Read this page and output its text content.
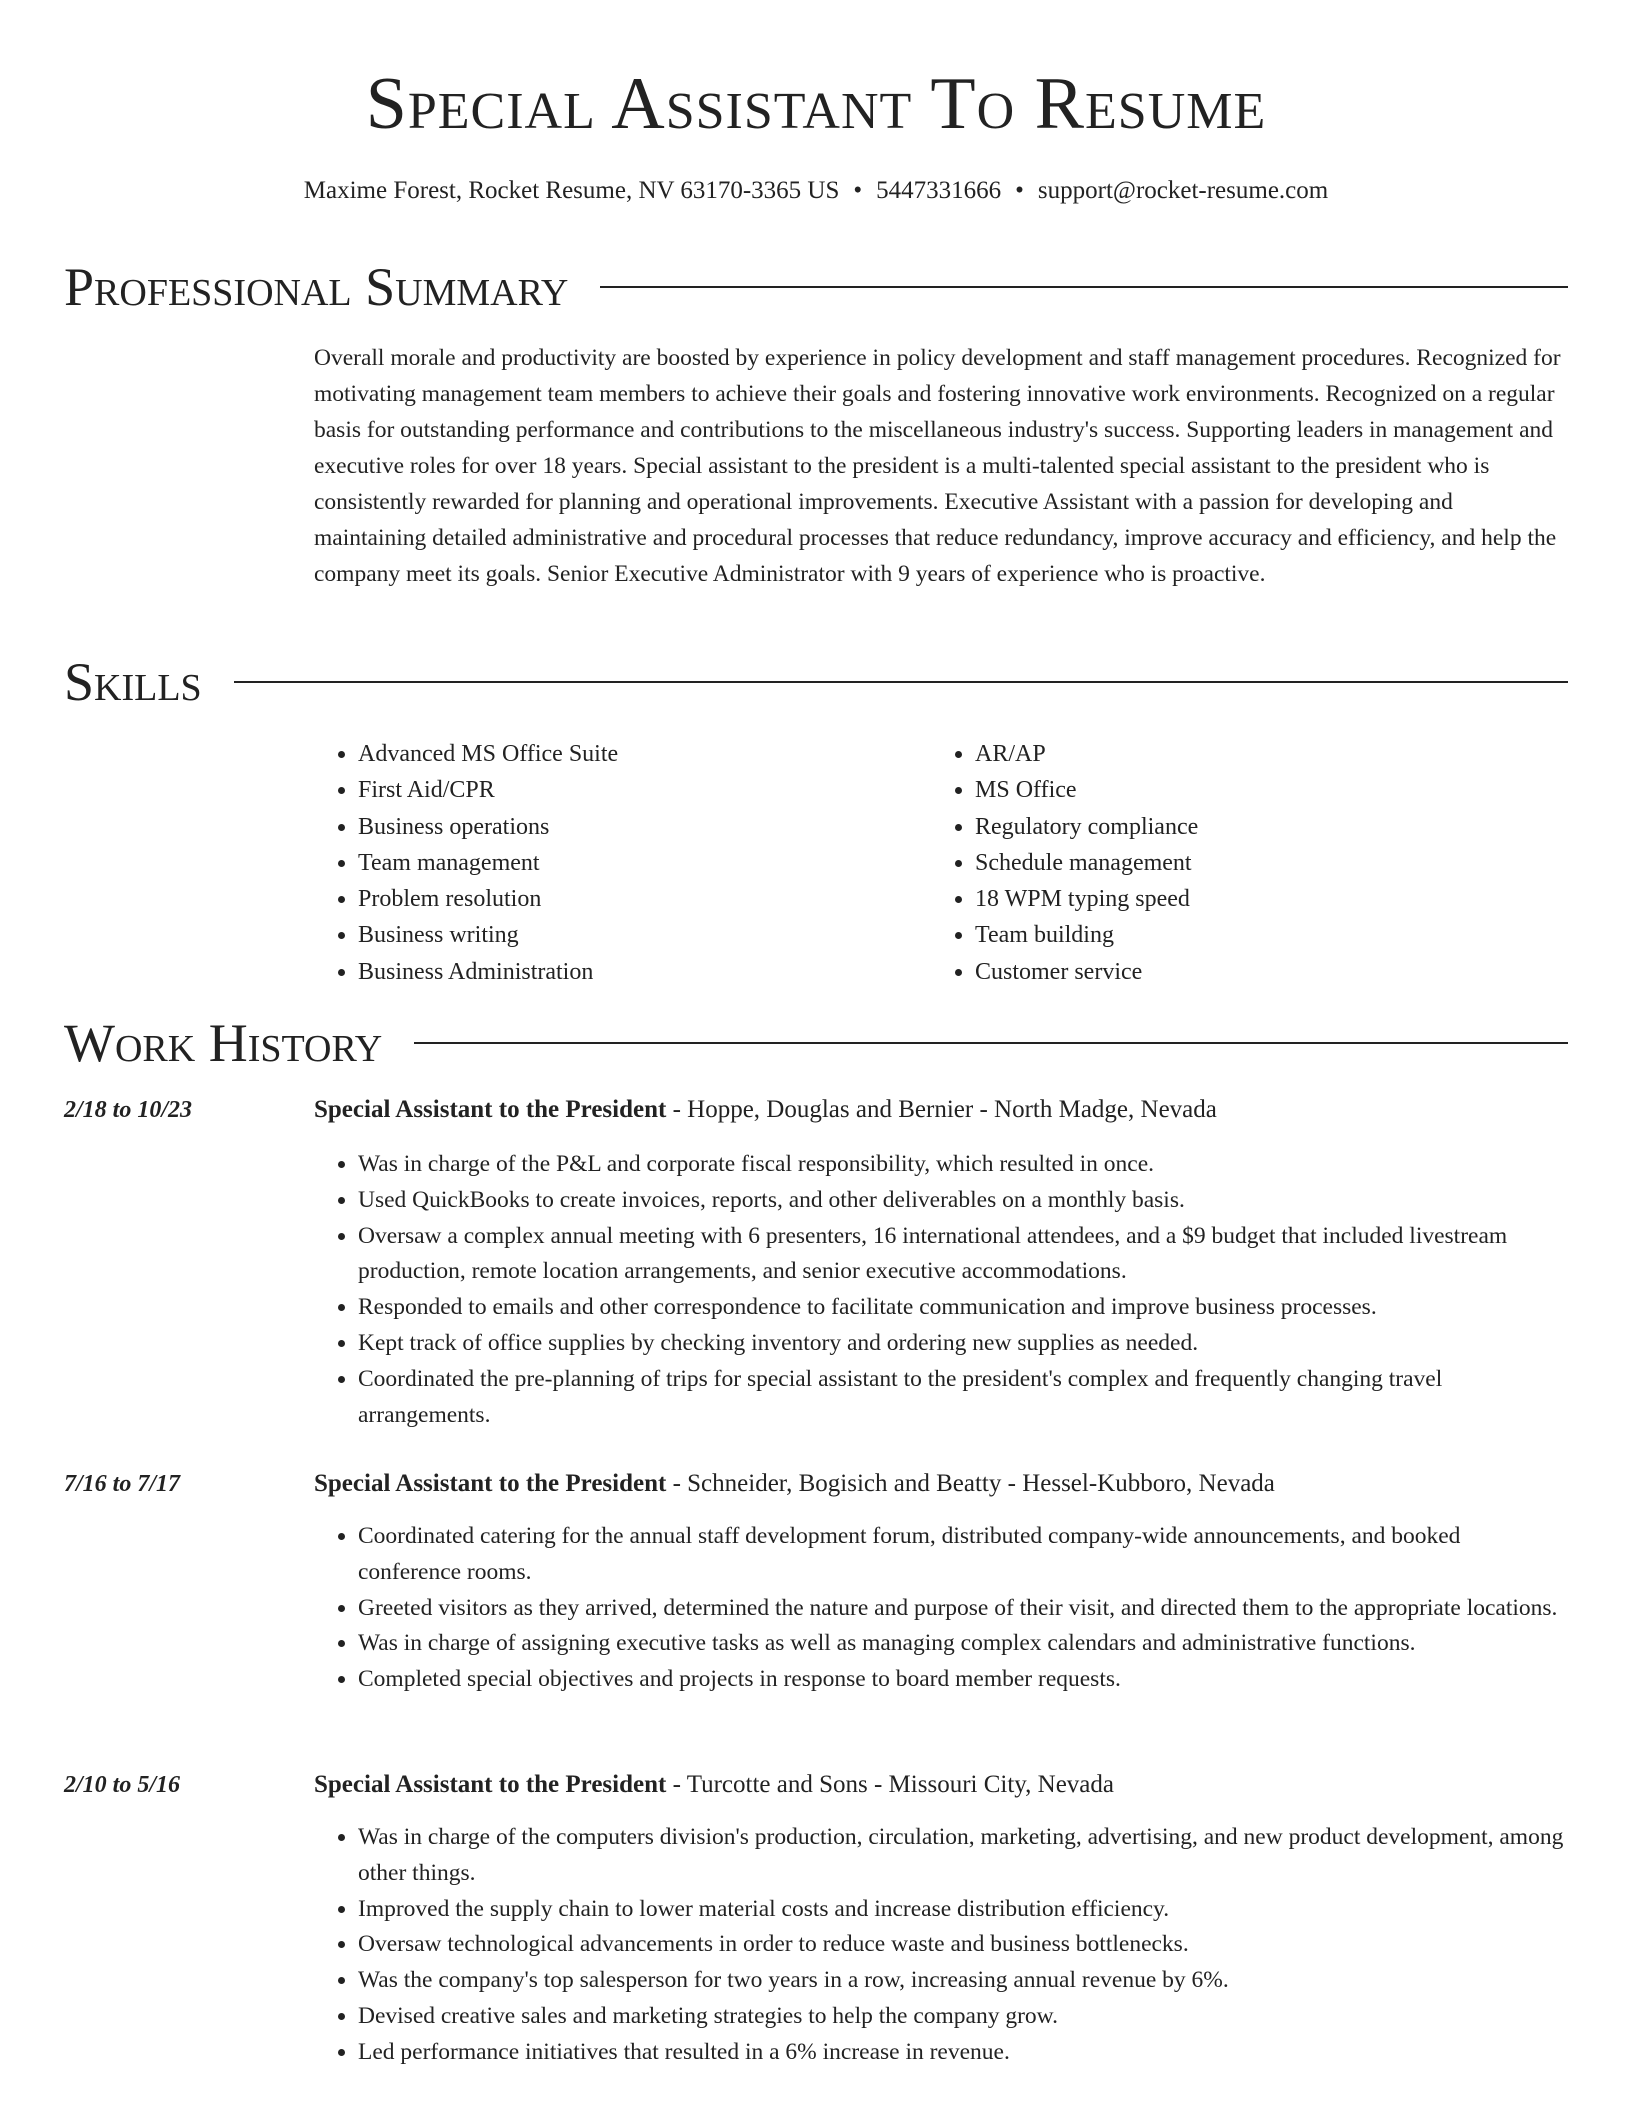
Special Assistant To Resume
Maxime Forest, Rocket Resume, NV 63170-3365 US • 5447331666 • support@rocket-resume.com
Professional Summary

Overall morale and productivity are boosted by experience in policy development and staff management procedures. Recognized for motivating management team members to achieve their goals and fostering innovative work environments. Recognized on a regular basis for outstanding performance and contributions to the miscellaneous industry's success. Supporting leaders in management and executive roles for over 18 years. Special assistant to the president is a multi-talented special assistant to the president who is consistently rewarded for planning and operational improvements. Executive Assistant with a passion for developing and maintaining detailed administrative and procedural processes that reduce redundancy, improve accuracy and efficiency, and help the company meet its goals. Senior Executive Administrator with 9 years of experience who is proactive.

Skills
• Advanced MS Office Suite
• First Aid/CPR
• Business operations
• Team management
• Problem resolution
• Business writing
• Business Administration
• AR/AP
• MS Office
• Regulatory compliance
• Schedule management
• 18 WPM typing speed
• Team building
• Customer service
Work History
2/18 to 10/23	Special Assistant to the President - Hoppe, Douglas and Bernier - North Madge, Nevada
• Was in charge of the P&L and corporate fiscal responsibility, which resulted in once.
• Used QuickBooks to create invoices, reports, and other deliverables on a monthly basis.
• Oversaw a complex annual meeting with 6 presenters, 16 international attendees, and a $9 budget that included livestream production, remote location arrangements, and senior executive accommodations.
• Responded to emails and other correspondence to facilitate communication and improve business processes.
• Kept track of office supplies by checking inventory and ordering new supplies as needed.
• Coordinated the pre-planning of trips for special assistant to the president's complex and frequently changing travel arrangements.
7/16 to 7/17	Special Assistant to the President - Schneider, Bogisich and Beatty - Hessel-Kubboro, Nevada
• Coordinated catering for the annual staff development forum, distributed company-wide announcements, and booked conference rooms.
• Greeted visitors as they arrived, determined the nature and purpose of their visit, and directed them to the appropriate locations.
• Was in charge of assigning executive tasks as well as managing complex calendars and administrative functions.
• Completed special objectives and projects in response to board member requests.
2/10 to 5/16	Special Assistant to the President - Turcotte and Sons - Missouri City, Nevada
• Was in charge of the computers division's production, circulation, marketing, advertising, and new product development, among other things.
• Improved the supply chain to lower material costs and increase distribution efficiency.
• Oversaw technological advancements in order to reduce waste and business bottlenecks.
• Was the company's top salesperson for two years in a row, increasing annual revenue by 6%.
• Devised creative sales and marketing strategies to help the company grow.
• Led performance initiatives that resulted in a 6% increase in revenue.
